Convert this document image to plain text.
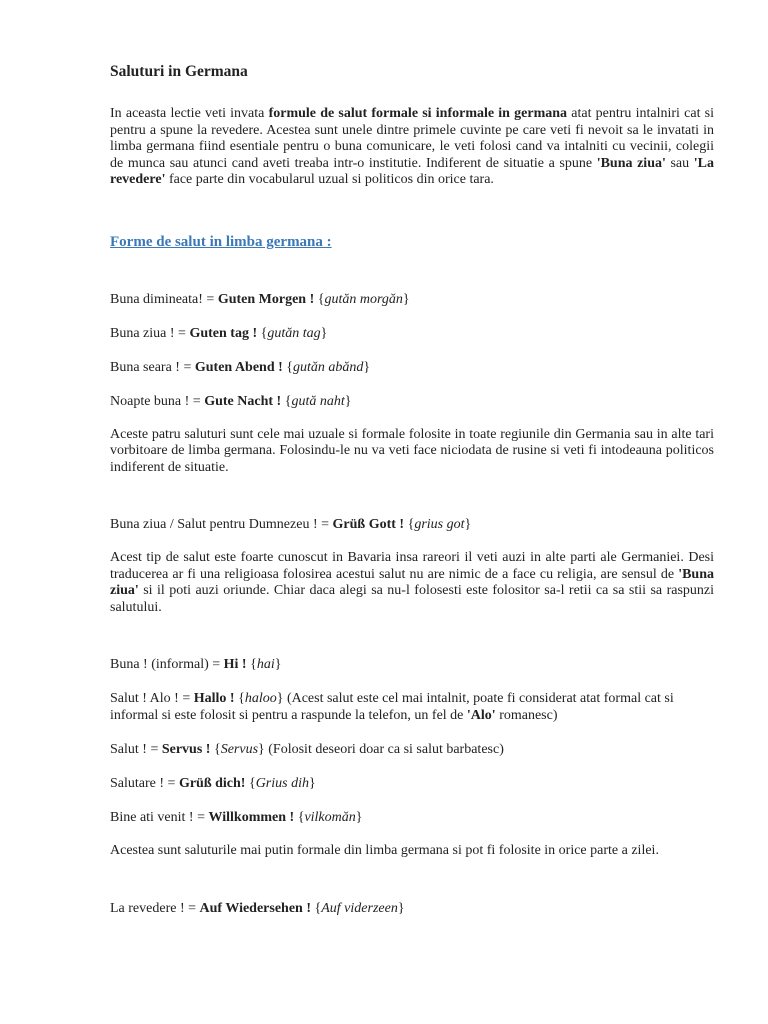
Saluturi in Germana

In aceasta lectie veti invata formule de salut formale si informale in germana atat pentru intalniri cat si pentru a spune la revedere. Acestea sunt unele dintre primele cuvinte pe care veti fi nevoit sa le invatati in limba germana fiind esentiale pentru o buna comunicare, le veti folosi cand va intalniti cu vecinii, colegii de munca sau atunci cand aveti treaba intr-o institutie. Indiferent de situatie a spune 'Buna ziua' sau 'La revedere' face parte din vocabularul uzual si politicos din orice tara.

Forme de salut in limba germana :

Buna dimineata! = Guten Morgen ! {gutăn morgăn}

Buna ziua ! = Guten tag ! {gutăn tag}

Buna seara ! = Guten Abend ! {gutăn abănd}

Noapte buna ! = Gute Nacht ! {gută naht}

Aceste patru saluturi sunt cele mai uzuale si formale folosite in toate regiunile din Germania sau in alte tari vorbitoare de limba germana. Folosindu-le nu va veti face niciodata de rusine si veti fi intodeauna politicos indiferent de situatie.

Buna ziua / Salut pentru Dumnezeu ! = Grüß Gott ! {grius got}

Acest tip de salut este foarte cunoscut in Bavaria insa rareori il veti auzi in alte parti ale Germaniei. Desi traducerea ar fi una religioasa folosirea acestui salut nu are nimic de a face cu religia, are sensul de 'Buna ziua' si il poti auzi oriunde. Chiar daca alegi sa nu-l folosesti este folositor sa-l retii ca sa stii sa raspunzi salutului.

Buna ! (informal) = Hi ! {hai}

Salut ! Alo ! = Hallo ! {haloo} (Acest salut este cel mai intalnit, poate fi considerat atat formal cat si informal si este folosit si pentru a raspunde la telefon, un fel de 'Alo' romanesc)

Salut ! = Servus ! {Servus} (Folosit deseori doar ca si salut barbatesc)

Salutare ! = Grüß dich! {Grius dih}

Bine ati venit ! = Willkommen ! {vilkomăn}

Acestea sunt saluturile mai putin formale din limba germana si pot fi folosite in orice parte a zilei.

La revedere ! = Auf Wiedersehen ! {Auf viderzeen}
